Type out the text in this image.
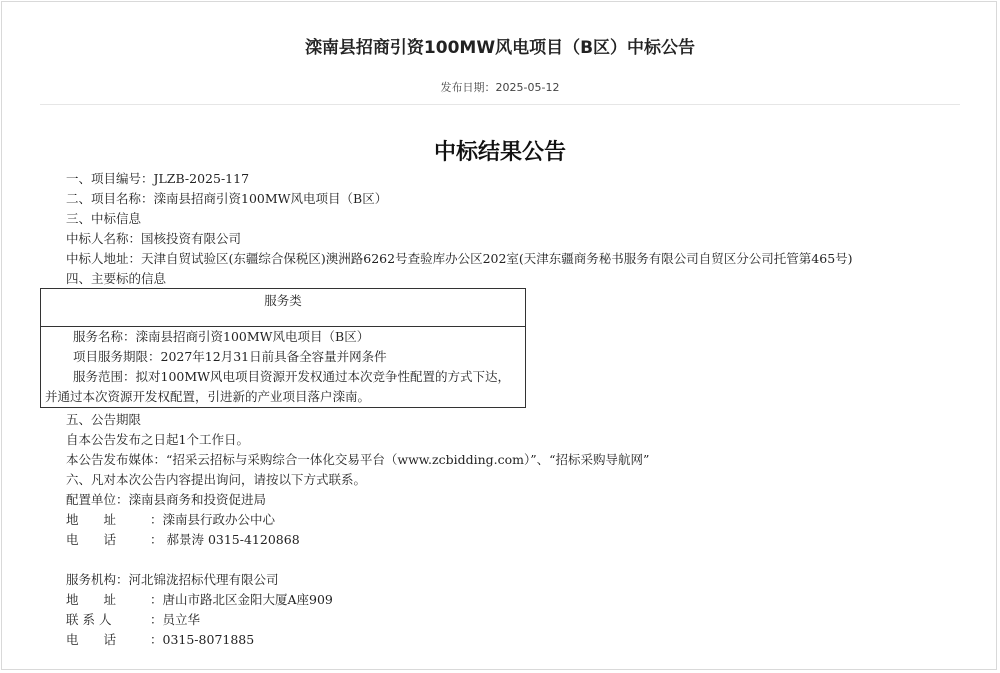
滦南县招商引资100MW风电项目（B区）中标公告
发布日期：2025-05-12
中标结果公告
一、项目编号：JLZB-2025-117
二、项目名称：滦南县招商引资100MW风电项目（B区）
三、中标信息
中标人名称：国核投资有限公司
中标人地址：天津自贸试验区(东疆综合保税区)澳洲路6262号查验库办公区202室(天津东疆商务秘书服务有限公司自贸区分公司托管第465号)
四、主要标的信息
服务类

服务名称：滦南县招商引资100MW风电项目（B区）
项目服务期限：2027年12月31日前具备全容量并网条件
服务范围：拟对100MW风电项目资源开发权通过本次竞争性配置的方式下达，
并通过本次资源开发权配置，引进新的产业项目落户滦南。
五、公告期限
自本公告发布之日起1个工作日。
本公告发布媒体：“招采云招标与采购综合一体化交易平台（www.zcbidding.com）”、“招标采购导航网”
六、凡对本次公告内容提出询问，请按以下方式联系。
配置单位：滦南县商务和投资促进局
地　　址	：滦南县行政办公中心
电　　话	： 郝景涛 0315-4120868
服务机构：河北锦泷招标代理有限公司
地　　址	：唐山市路北区金阳大厦A座909
联 系 人	：员立华
电　　话	：0315-8071885
